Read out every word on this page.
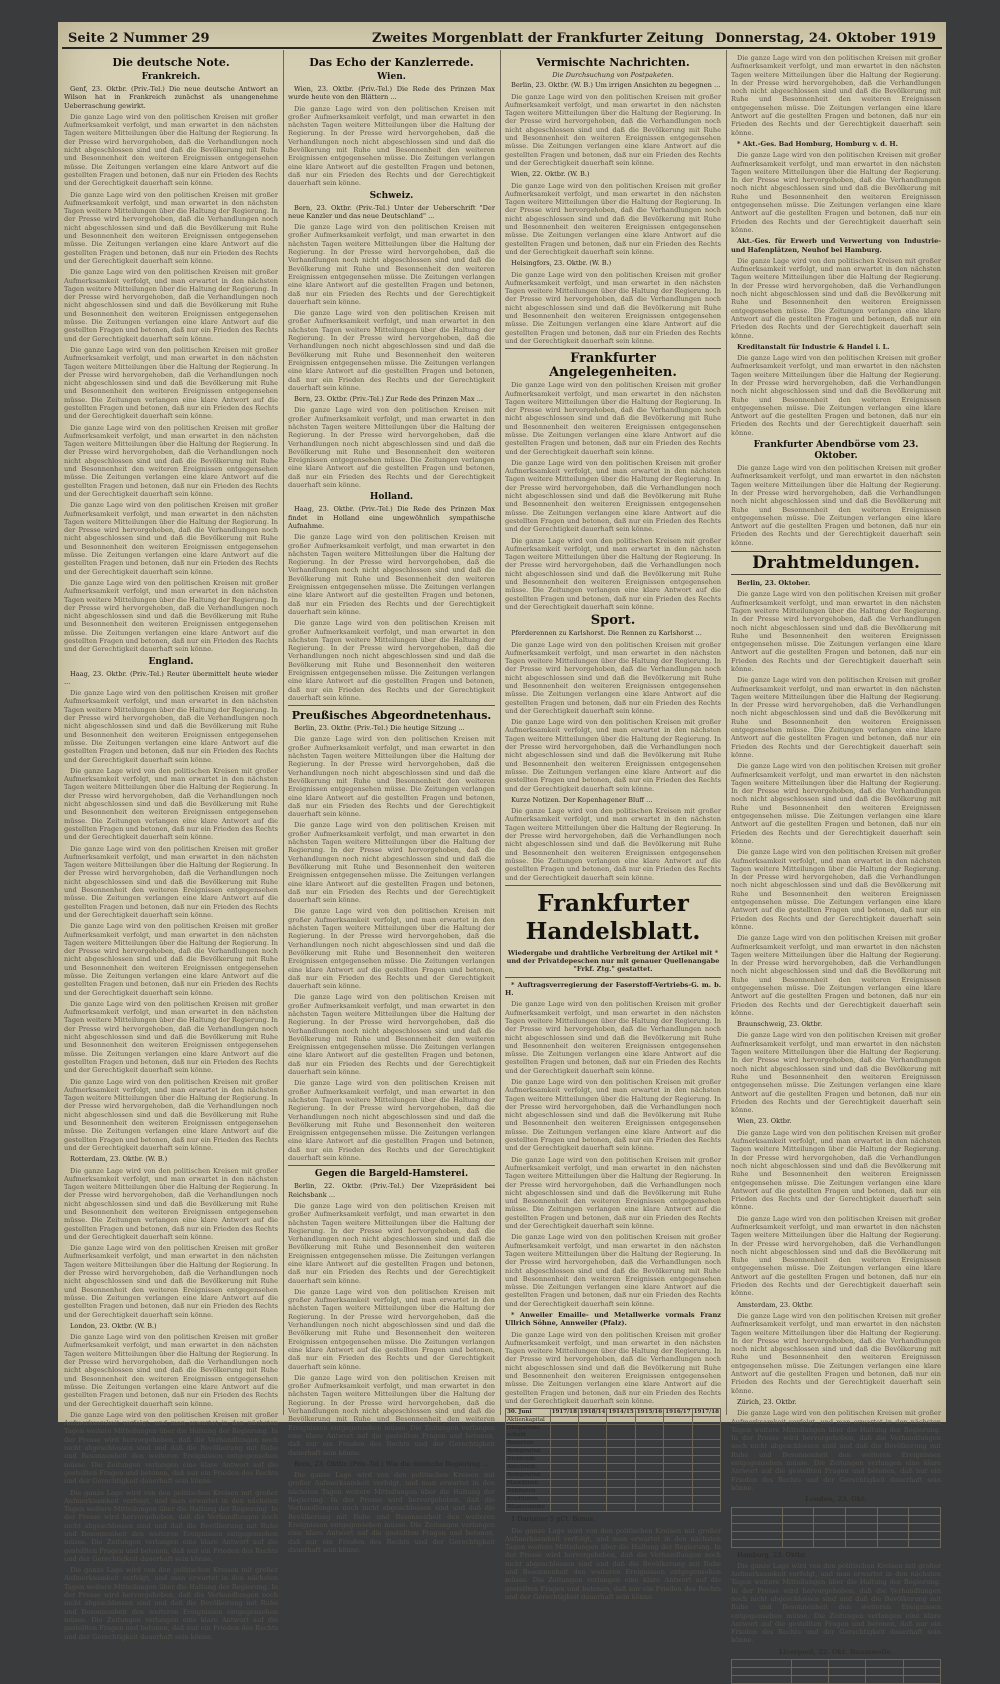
Seite 2 Nummer 29	Zweites Morgenblatt der Frankfurter Zeitung Donnerstag, 24. Oktober 1919
Die deutsche Note.
Frankreich.

Genf, 23. Oktbr. (Priv.-Tel.) Die neue deutsche Antwort an Wilson hat in Frankreich zunächst als unangenehme Ueberraschung gewirkt.

Die ganze Lage wird von den politischen Kreisen mit großer Aufmerksamkeit verfolgt, und man erwartet in den nächsten Tagen weitere Mitteilungen über die Haltung der Regierung. In der Presse wird hervorgehoben, daß die Verhandlungen noch nicht abgeschlossen sind und daß die Bevölkerung mit Ruhe und Besonnenheit den weiteren Ereignissen entgegensehen müsse. Die Zeitungen verlangen eine klare Antwort auf die gestellten Fragen und betonen, daß nur ein Frieden des Rechts und der Gerechtigkeit dauerhaft sein könne.

Die ganze Lage wird von den politischen Kreisen mit großer Aufmerksamkeit verfolgt, und man erwartet in den nächsten Tagen weitere Mitteilungen über die Haltung der Regierung. In der Presse wird hervorgehoben, daß die Verhandlungen noch nicht abgeschlossen sind und daß die Bevölkerung mit Ruhe und Besonnenheit den weiteren Ereignissen entgegensehen müsse. Die Zeitungen verlangen eine klare Antwort auf die gestellten Fragen und betonen, daß nur ein Frieden des Rechts und der Gerechtigkeit dauerhaft sein könne.

Die ganze Lage wird von den politischen Kreisen mit großer Aufmerksamkeit verfolgt, und man erwartet in den nächsten Tagen weitere Mitteilungen über die Haltung der Regierung. In der Presse wird hervorgehoben, daß die Verhandlungen noch nicht abgeschlossen sind und daß die Bevölkerung mit Ruhe und Besonnenheit den weiteren Ereignissen entgegensehen müsse. Die Zeitungen verlangen eine klare Antwort auf die gestellten Fragen und betonen, daß nur ein Frieden des Rechts und der Gerechtigkeit dauerhaft sein könne.

Die ganze Lage wird von den politischen Kreisen mit großer Aufmerksamkeit verfolgt, und man erwartet in den nächsten Tagen weitere Mitteilungen über die Haltung der Regierung. In der Presse wird hervorgehoben, daß die Verhandlungen noch nicht abgeschlossen sind und daß die Bevölkerung mit Ruhe und Besonnenheit den weiteren Ereignissen entgegensehen müsse. Die Zeitungen verlangen eine klare Antwort auf die gestellten Fragen und betonen, daß nur ein Frieden des Rechts und der Gerechtigkeit dauerhaft sein könne.

Die ganze Lage wird von den politischen Kreisen mit großer Aufmerksamkeit verfolgt, und man erwartet in den nächsten Tagen weitere Mitteilungen über die Haltung der Regierung. In der Presse wird hervorgehoben, daß die Verhandlungen noch nicht abgeschlossen sind und daß die Bevölkerung mit Ruhe und Besonnenheit den weiteren Ereignissen entgegensehen müsse. Die Zeitungen verlangen eine klare Antwort auf die gestellten Fragen und betonen, daß nur ein Frieden des Rechts und der Gerechtigkeit dauerhaft sein könne.

Die ganze Lage wird von den politischen Kreisen mit großer Aufmerksamkeit verfolgt, und man erwartet in den nächsten Tagen weitere Mitteilungen über die Haltung der Regierung. In der Presse wird hervorgehoben, daß die Verhandlungen noch nicht abgeschlossen sind und daß die Bevölkerung mit Ruhe und Besonnenheit den weiteren Ereignissen entgegensehen müsse. Die Zeitungen verlangen eine klare Antwort auf die gestellten Fragen und betonen, daß nur ein Frieden des Rechts und der Gerechtigkeit dauerhaft sein könne.

Die ganze Lage wird von den politischen Kreisen mit großer Aufmerksamkeit verfolgt, und man erwartet in den nächsten Tagen weitere Mitteilungen über die Haltung der Regierung. In der Presse wird hervorgehoben, daß die Verhandlungen noch nicht abgeschlossen sind und daß die Bevölkerung mit Ruhe und Besonnenheit den weiteren Ereignissen entgegensehen müsse. Die Zeitungen verlangen eine klare Antwort auf die gestellten Fragen und betonen, daß nur ein Frieden des Rechts und der Gerechtigkeit dauerhaft sein könne.

England.

Haag, 23. Oktbr. (Priv.-Tel.) Reuter übermittelt heute wieder ...

Die ganze Lage wird von den politischen Kreisen mit großer Aufmerksamkeit verfolgt, und man erwartet in den nächsten Tagen weitere Mitteilungen über die Haltung der Regierung. In der Presse wird hervorgehoben, daß die Verhandlungen noch nicht abgeschlossen sind und daß die Bevölkerung mit Ruhe und Besonnenheit den weiteren Ereignissen entgegensehen müsse. Die Zeitungen verlangen eine klare Antwort auf die gestellten Fragen und betonen, daß nur ein Frieden des Rechts und der Gerechtigkeit dauerhaft sein könne.

Die ganze Lage wird von den politischen Kreisen mit großer Aufmerksamkeit verfolgt, und man erwartet in den nächsten Tagen weitere Mitteilungen über die Haltung der Regierung. In der Presse wird hervorgehoben, daß die Verhandlungen noch nicht abgeschlossen sind und daß die Bevölkerung mit Ruhe und Besonnenheit den weiteren Ereignissen entgegensehen müsse. Die Zeitungen verlangen eine klare Antwort auf die gestellten Fragen und betonen, daß nur ein Frieden des Rechts und der Gerechtigkeit dauerhaft sein könne.

Die ganze Lage wird von den politischen Kreisen mit großer Aufmerksamkeit verfolgt, und man erwartet in den nächsten Tagen weitere Mitteilungen über die Haltung der Regierung. In der Presse wird hervorgehoben, daß die Verhandlungen noch nicht abgeschlossen sind und daß die Bevölkerung mit Ruhe und Besonnenheit den weiteren Ereignissen entgegensehen müsse. Die Zeitungen verlangen eine klare Antwort auf die gestellten Fragen und betonen, daß nur ein Frieden des Rechts und der Gerechtigkeit dauerhaft sein könne.

Die ganze Lage wird von den politischen Kreisen mit großer Aufmerksamkeit verfolgt, und man erwartet in den nächsten Tagen weitere Mitteilungen über die Haltung der Regierung. In der Presse wird hervorgehoben, daß die Verhandlungen noch nicht abgeschlossen sind und daß die Bevölkerung mit Ruhe und Besonnenheit den weiteren Ereignissen entgegensehen müsse. Die Zeitungen verlangen eine klare Antwort auf die gestellten Fragen und betonen, daß nur ein Frieden des Rechts und der Gerechtigkeit dauerhaft sein könne.

Die ganze Lage wird von den politischen Kreisen mit großer Aufmerksamkeit verfolgt, und man erwartet in den nächsten Tagen weitere Mitteilungen über die Haltung der Regierung. In der Presse wird hervorgehoben, daß die Verhandlungen noch nicht abgeschlossen sind und daß die Bevölkerung mit Ruhe und Besonnenheit den weiteren Ereignissen entgegensehen müsse. Die Zeitungen verlangen eine klare Antwort auf die gestellten Fragen und betonen, daß nur ein Frieden des Rechts und der Gerechtigkeit dauerhaft sein könne.

Die ganze Lage wird von den politischen Kreisen mit großer Aufmerksamkeit verfolgt, und man erwartet in den nächsten Tagen weitere Mitteilungen über die Haltung der Regierung. In der Presse wird hervorgehoben, daß die Verhandlungen noch nicht abgeschlossen sind und daß die Bevölkerung mit Ruhe und Besonnenheit den weiteren Ereignissen entgegensehen müsse. Die Zeitungen verlangen eine klare Antwort auf die gestellten Fragen und betonen, daß nur ein Frieden des Rechts und der Gerechtigkeit dauerhaft sein könne.

Rotterdam, 23. Oktbr. (W. B.)

Die ganze Lage wird von den politischen Kreisen mit großer Aufmerksamkeit verfolgt, und man erwartet in den nächsten Tagen weitere Mitteilungen über die Haltung der Regierung. In der Presse wird hervorgehoben, daß die Verhandlungen noch nicht abgeschlossen sind und daß die Bevölkerung mit Ruhe und Besonnenheit den weiteren Ereignissen entgegensehen müsse. Die Zeitungen verlangen eine klare Antwort auf die gestellten Fragen und betonen, daß nur ein Frieden des Rechts und der Gerechtigkeit dauerhaft sein könne.

Die ganze Lage wird von den politischen Kreisen mit großer Aufmerksamkeit verfolgt, und man erwartet in den nächsten Tagen weitere Mitteilungen über die Haltung der Regierung. In der Presse wird hervorgehoben, daß die Verhandlungen noch nicht abgeschlossen sind und daß die Bevölkerung mit Ruhe und Besonnenheit den weiteren Ereignissen entgegensehen müsse. Die Zeitungen verlangen eine klare Antwort auf die gestellten Fragen und betonen, daß nur ein Frieden des Rechts und der Gerechtigkeit dauerhaft sein könne.

London, 23. Oktbr. (W. B.)

Die ganze Lage wird von den politischen Kreisen mit großer Aufmerksamkeit verfolgt, und man erwartet in den nächsten Tagen weitere Mitteilungen über die Haltung der Regierung. In der Presse wird hervorgehoben, daß die Verhandlungen noch nicht abgeschlossen sind und daß die Bevölkerung mit Ruhe und Besonnenheit den weiteren Ereignissen entgegensehen müsse. Die Zeitungen verlangen eine klare Antwort auf die gestellten Fragen und betonen, daß nur ein Frieden des Rechts und der Gerechtigkeit dauerhaft sein könne.

Die ganze Lage wird von den politischen Kreisen mit großer Aufmerksamkeit verfolgt, und man erwartet in den nächsten Tagen weitere Mitteilungen über die Haltung der Regierung. In der Presse wird hervorgehoben, daß die Verhandlungen noch nicht abgeschlossen sind und daß die Bevölkerung mit Ruhe und Besonnenheit den weiteren Ereignissen entgegensehen müsse. Die Zeitungen verlangen eine klare Antwort auf die gestellten Fragen und betonen, daß nur ein Frieden des Rechts und der Gerechtigkeit dauerhaft sein könne.

Die ganze Lage wird von den politischen Kreisen mit großer Aufmerksamkeit verfolgt, und man erwartet in den nächsten Tagen weitere Mitteilungen über die Haltung der Regierung. In der Presse wird hervorgehoben, daß die Verhandlungen noch nicht abgeschlossen sind und daß die Bevölkerung mit Ruhe und Besonnenheit den weiteren Ereignissen entgegensehen müsse. Die Zeitungen verlangen eine klare Antwort auf die gestellten Fragen und betonen, daß nur ein Frieden des Rechts und der Gerechtigkeit dauerhaft sein könne.

Die ganze Lage wird von den politischen Kreisen mit großer Aufmerksamkeit verfolgt, und man erwartet in den nächsten Tagen weitere Mitteilungen über die Haltung der Regierung. In der Presse wird hervorgehoben, daß die Verhandlungen noch nicht abgeschlossen sind und daß die Bevölkerung mit Ruhe und Besonnenheit den weiteren Ereignissen entgegensehen müsse. Die Zeitungen verlangen eine klare Antwort auf die gestellten Fragen und betonen, daß nur ein Frieden des Rechts und der Gerechtigkeit dauerhaft sein könne.

Das Echo der Kanzlerrede.
Wien.

Wien, 23. Oktbr. (Priv.-Tel.) Die Rede des Prinzen Max wurde heute von den Blättern ...

Die ganze Lage wird von den politischen Kreisen mit großer Aufmerksamkeit verfolgt, und man erwartet in den nächsten Tagen weitere Mitteilungen über die Haltung der Regierung. In der Presse wird hervorgehoben, daß die Verhandlungen noch nicht abgeschlossen sind und daß die Bevölkerung mit Ruhe und Besonnenheit den weiteren Ereignissen entgegensehen müsse. Die Zeitungen verlangen eine klare Antwort auf die gestellten Fragen und betonen, daß nur ein Frieden des Rechts und der Gerechtigkeit dauerhaft sein könne.

Schweiz.

Bern, 23. Oktbr. (Priv.-Tel.) Unter der Ueberschrift "Der neue Kanzler und das neue Deutschland" ...

Die ganze Lage wird von den politischen Kreisen mit großer Aufmerksamkeit verfolgt, und man erwartet in den nächsten Tagen weitere Mitteilungen über die Haltung der Regierung. In der Presse wird hervorgehoben, daß die Verhandlungen noch nicht abgeschlossen sind und daß die Bevölkerung mit Ruhe und Besonnenheit den weiteren Ereignissen entgegensehen müsse. Die Zeitungen verlangen eine klare Antwort auf die gestellten Fragen und betonen, daß nur ein Frieden des Rechts und der Gerechtigkeit dauerhaft sein könne.

Die ganze Lage wird von den politischen Kreisen mit großer Aufmerksamkeit verfolgt, und man erwartet in den nächsten Tagen weitere Mitteilungen über die Haltung der Regierung. In der Presse wird hervorgehoben, daß die Verhandlungen noch nicht abgeschlossen sind und daß die Bevölkerung mit Ruhe und Besonnenheit den weiteren Ereignissen entgegensehen müsse. Die Zeitungen verlangen eine klare Antwort auf die gestellten Fragen und betonen, daß nur ein Frieden des Rechts und der Gerechtigkeit dauerhaft sein könne.

Bern, 23. Oktbr. (Priv.-Tel.) Zur Rede des Prinzen Max ...

Die ganze Lage wird von den politischen Kreisen mit großer Aufmerksamkeit verfolgt, und man erwartet in den nächsten Tagen weitere Mitteilungen über die Haltung der Regierung. In der Presse wird hervorgehoben, daß die Verhandlungen noch nicht abgeschlossen sind und daß die Bevölkerung mit Ruhe und Besonnenheit den weiteren Ereignissen entgegensehen müsse. Die Zeitungen verlangen eine klare Antwort auf die gestellten Fragen und betonen, daß nur ein Frieden des Rechts und der Gerechtigkeit dauerhaft sein könne.

Holland.

Haag, 23. Oktbr. (Priv.-Tel.) Die Rede des Prinzen Max findet in Holland eine ungewöhnlich sympathische Aufnahme.

Die ganze Lage wird von den politischen Kreisen mit großer Aufmerksamkeit verfolgt, und man erwartet in den nächsten Tagen weitere Mitteilungen über die Haltung der Regierung. In der Presse wird hervorgehoben, daß die Verhandlungen noch nicht abgeschlossen sind und daß die Bevölkerung mit Ruhe und Besonnenheit den weiteren Ereignissen entgegensehen müsse. Die Zeitungen verlangen eine klare Antwort auf die gestellten Fragen und betonen, daß nur ein Frieden des Rechts und der Gerechtigkeit dauerhaft sein könne.

Die ganze Lage wird von den politischen Kreisen mit großer Aufmerksamkeit verfolgt, und man erwartet in den nächsten Tagen weitere Mitteilungen über die Haltung der Regierung. In der Presse wird hervorgehoben, daß die Verhandlungen noch nicht abgeschlossen sind und daß die Bevölkerung mit Ruhe und Besonnenheit den weiteren Ereignissen entgegensehen müsse. Die Zeitungen verlangen eine klare Antwort auf die gestellten Fragen und betonen, daß nur ein Frieden des Rechts und der Gerechtigkeit dauerhaft sein könne.

Preußisches Abgeordnetenhaus.

Berlin, 23. Oktbr. (Priv.-Tel.) Die heutige Sitzung ...

Die ganze Lage wird von den politischen Kreisen mit großer Aufmerksamkeit verfolgt, und man erwartet in den nächsten Tagen weitere Mitteilungen über die Haltung der Regierung. In der Presse wird hervorgehoben, daß die Verhandlungen noch nicht abgeschlossen sind und daß die Bevölkerung mit Ruhe und Besonnenheit den weiteren Ereignissen entgegensehen müsse. Die Zeitungen verlangen eine klare Antwort auf die gestellten Fragen und betonen, daß nur ein Frieden des Rechts und der Gerechtigkeit dauerhaft sein könne.

Die ganze Lage wird von den politischen Kreisen mit großer Aufmerksamkeit verfolgt, und man erwartet in den nächsten Tagen weitere Mitteilungen über die Haltung der Regierung. In der Presse wird hervorgehoben, daß die Verhandlungen noch nicht abgeschlossen sind und daß die Bevölkerung mit Ruhe und Besonnenheit den weiteren Ereignissen entgegensehen müsse. Die Zeitungen verlangen eine klare Antwort auf die gestellten Fragen und betonen, daß nur ein Frieden des Rechts und der Gerechtigkeit dauerhaft sein könne.

Die ganze Lage wird von den politischen Kreisen mit großer Aufmerksamkeit verfolgt, und man erwartet in den nächsten Tagen weitere Mitteilungen über die Haltung der Regierung. In der Presse wird hervorgehoben, daß die Verhandlungen noch nicht abgeschlossen sind und daß die Bevölkerung mit Ruhe und Besonnenheit den weiteren Ereignissen entgegensehen müsse. Die Zeitungen verlangen eine klare Antwort auf die gestellten Fragen und betonen, daß nur ein Frieden des Rechts und der Gerechtigkeit dauerhaft sein könne.

Die ganze Lage wird von den politischen Kreisen mit großer Aufmerksamkeit verfolgt, und man erwartet in den nächsten Tagen weitere Mitteilungen über die Haltung der Regierung. In der Presse wird hervorgehoben, daß die Verhandlungen noch nicht abgeschlossen sind und daß die Bevölkerung mit Ruhe und Besonnenheit den weiteren Ereignissen entgegensehen müsse. Die Zeitungen verlangen eine klare Antwort auf die gestellten Fragen und betonen, daß nur ein Frieden des Rechts und der Gerechtigkeit dauerhaft sein könne.

Die ganze Lage wird von den politischen Kreisen mit großer Aufmerksamkeit verfolgt, und man erwartet in den nächsten Tagen weitere Mitteilungen über die Haltung der Regierung. In der Presse wird hervorgehoben, daß die Verhandlungen noch nicht abgeschlossen sind und daß die Bevölkerung mit Ruhe und Besonnenheit den weiteren Ereignissen entgegensehen müsse. Die Zeitungen verlangen eine klare Antwort auf die gestellten Fragen und betonen, daß nur ein Frieden des Rechts und der Gerechtigkeit dauerhaft sein könne.

Gegen die Bargeld-Hamsterei.

Berlin, 22. Oktbr. (Priv.-Tel.) Der Vizepräsident bei Reichsbank ...

Die ganze Lage wird von den politischen Kreisen mit großer Aufmerksamkeit verfolgt, und man erwartet in den nächsten Tagen weitere Mitteilungen über die Haltung der Regierung. In der Presse wird hervorgehoben, daß die Verhandlungen noch nicht abgeschlossen sind und daß die Bevölkerung mit Ruhe und Besonnenheit den weiteren Ereignissen entgegensehen müsse. Die Zeitungen verlangen eine klare Antwort auf die gestellten Fragen und betonen, daß nur ein Frieden des Rechts und der Gerechtigkeit dauerhaft sein könne.

Die ganze Lage wird von den politischen Kreisen mit großer Aufmerksamkeit verfolgt, und man erwartet in den nächsten Tagen weitere Mitteilungen über die Haltung der Regierung. In der Presse wird hervorgehoben, daß die Verhandlungen noch nicht abgeschlossen sind und daß die Bevölkerung mit Ruhe und Besonnenheit den weiteren Ereignissen entgegensehen müsse. Die Zeitungen verlangen eine klare Antwort auf die gestellten Fragen und betonen, daß nur ein Frieden des Rechts und der Gerechtigkeit dauerhaft sein könne.

Die ganze Lage wird von den politischen Kreisen mit großer Aufmerksamkeit verfolgt, und man erwartet in den nächsten Tagen weitere Mitteilungen über die Haltung der Regierung. In der Presse wird hervorgehoben, daß die Verhandlungen noch nicht abgeschlossen sind und daß die Bevölkerung mit Ruhe und Besonnenheit den weiteren Ereignissen entgegensehen müsse. Die Zeitungen verlangen eine klare Antwort auf die gestellten Fragen und betonen, daß nur ein Frieden des Rechts und der Gerechtigkeit dauerhaft sein könne.

Bern, 23. Oktbr. (Priv.-Tel.) Wie die deutsche Regierung ...

Die ganze Lage wird von den politischen Kreisen mit großer Aufmerksamkeit verfolgt, und man erwartet in den nächsten Tagen weitere Mitteilungen über die Haltung der Regierung. In der Presse wird hervorgehoben, daß die Verhandlungen noch nicht abgeschlossen sind und daß die Bevölkerung mit Ruhe und Besonnenheit den weiteren Ereignissen entgegensehen müsse. Die Zeitungen verlangen eine klare Antwort auf die gestellten Fragen und betonen, daß nur ein Frieden des Rechts und der Gerechtigkeit dauerhaft sein könne.

Vermischte Nachrichten.
Die Durchsuchung von Postpaketen.

Berlin, 23. Oktbr. (W. B.) Um irrigen Ansichten zu begegnen ...

Die ganze Lage wird von den politischen Kreisen mit großer Aufmerksamkeit verfolgt, und man erwartet in den nächsten Tagen weitere Mitteilungen über die Haltung der Regierung. In der Presse wird hervorgehoben, daß die Verhandlungen noch nicht abgeschlossen sind und daß die Bevölkerung mit Ruhe und Besonnenheit den weiteren Ereignissen entgegensehen müsse. Die Zeitungen verlangen eine klare Antwort auf die gestellten Fragen und betonen, daß nur ein Frieden des Rechts und der Gerechtigkeit dauerhaft sein könne.

Wien, 22. Oktbr. (W. B.)

Die ganze Lage wird von den politischen Kreisen mit großer Aufmerksamkeit verfolgt, und man erwartet in den nächsten Tagen weitere Mitteilungen über die Haltung der Regierung. In der Presse wird hervorgehoben, daß die Verhandlungen noch nicht abgeschlossen sind und daß die Bevölkerung mit Ruhe und Besonnenheit den weiteren Ereignissen entgegensehen müsse. Die Zeitungen verlangen eine klare Antwort auf die gestellten Fragen und betonen, daß nur ein Frieden des Rechts und der Gerechtigkeit dauerhaft sein könne.

Helsingfors, 23. Oktbr. (W. B.)

Die ganze Lage wird von den politischen Kreisen mit großer Aufmerksamkeit verfolgt, und man erwartet in den nächsten Tagen weitere Mitteilungen über die Haltung der Regierung. In der Presse wird hervorgehoben, daß die Verhandlungen noch nicht abgeschlossen sind und daß die Bevölkerung mit Ruhe und Besonnenheit den weiteren Ereignissen entgegensehen müsse. Die Zeitungen verlangen eine klare Antwort auf die gestellten Fragen und betonen, daß nur ein Frieden des Rechts und der Gerechtigkeit dauerhaft sein könne.

Frankfurter Angelegenheiten.

Die ganze Lage wird von den politischen Kreisen mit großer Aufmerksamkeit verfolgt, und man erwartet in den nächsten Tagen weitere Mitteilungen über die Haltung der Regierung. In der Presse wird hervorgehoben, daß die Verhandlungen noch nicht abgeschlossen sind und daß die Bevölkerung mit Ruhe und Besonnenheit den weiteren Ereignissen entgegensehen müsse. Die Zeitungen verlangen eine klare Antwort auf die gestellten Fragen und betonen, daß nur ein Frieden des Rechts und der Gerechtigkeit dauerhaft sein könne.

Die ganze Lage wird von den politischen Kreisen mit großer Aufmerksamkeit verfolgt, und man erwartet in den nächsten Tagen weitere Mitteilungen über die Haltung der Regierung. In der Presse wird hervorgehoben, daß die Verhandlungen noch nicht abgeschlossen sind und daß die Bevölkerung mit Ruhe und Besonnenheit den weiteren Ereignissen entgegensehen müsse. Die Zeitungen verlangen eine klare Antwort auf die gestellten Fragen und betonen, daß nur ein Frieden des Rechts und der Gerechtigkeit dauerhaft sein könne.

Die ganze Lage wird von den politischen Kreisen mit großer Aufmerksamkeit verfolgt, und man erwartet in den nächsten Tagen weitere Mitteilungen über die Haltung der Regierung. In der Presse wird hervorgehoben, daß die Verhandlungen noch nicht abgeschlossen sind und daß die Bevölkerung mit Ruhe und Besonnenheit den weiteren Ereignissen entgegensehen müsse. Die Zeitungen verlangen eine klare Antwort auf die gestellten Fragen und betonen, daß nur ein Frieden des Rechts und der Gerechtigkeit dauerhaft sein könne.

Sport.

Pferderennen zu Karlshorst. Die Rennen zu Karlshorst ...

Die ganze Lage wird von den politischen Kreisen mit großer Aufmerksamkeit verfolgt, und man erwartet in den nächsten Tagen weitere Mitteilungen über die Haltung der Regierung. In der Presse wird hervorgehoben, daß die Verhandlungen noch nicht abgeschlossen sind und daß die Bevölkerung mit Ruhe und Besonnenheit den weiteren Ereignissen entgegensehen müsse. Die Zeitungen verlangen eine klare Antwort auf die gestellten Fragen und betonen, daß nur ein Frieden des Rechts und der Gerechtigkeit dauerhaft sein könne.

Die ganze Lage wird von den politischen Kreisen mit großer Aufmerksamkeit verfolgt, und man erwartet in den nächsten Tagen weitere Mitteilungen über die Haltung der Regierung. In der Presse wird hervorgehoben, daß die Verhandlungen noch nicht abgeschlossen sind und daß die Bevölkerung mit Ruhe und Besonnenheit den weiteren Ereignissen entgegensehen müsse. Die Zeitungen verlangen eine klare Antwort auf die gestellten Fragen und betonen, daß nur ein Frieden des Rechts und der Gerechtigkeit dauerhaft sein könne.

Kurze Notizen. Der Kopenhagener Bluff ...

Die ganze Lage wird von den politischen Kreisen mit großer Aufmerksamkeit verfolgt, und man erwartet in den nächsten Tagen weitere Mitteilungen über die Haltung der Regierung. In der Presse wird hervorgehoben, daß die Verhandlungen noch nicht abgeschlossen sind und daß die Bevölkerung mit Ruhe und Besonnenheit den weiteren Ereignissen entgegensehen müsse. Die Zeitungen verlangen eine klare Antwort auf die gestellten Fragen und betonen, daß nur ein Frieden des Rechts und der Gerechtigkeit dauerhaft sein könne.

Frankfurter Handelsblatt.
Wiedergabe und drahtliche Verbreitung der Artikel mit * und der Privatdepeschen nur mit genauer Quellenangabe "Frkf. Ztg." gestattet.

* Auftragsverregierung der Faserstoff-Vertriebs-G. m. b. H.

Die ganze Lage wird von den politischen Kreisen mit großer Aufmerksamkeit verfolgt, und man erwartet in den nächsten Tagen weitere Mitteilungen über die Haltung der Regierung. In der Presse wird hervorgehoben, daß die Verhandlungen noch nicht abgeschlossen sind und daß die Bevölkerung mit Ruhe und Besonnenheit den weiteren Ereignissen entgegensehen müsse. Die Zeitungen verlangen eine klare Antwort auf die gestellten Fragen und betonen, daß nur ein Frieden des Rechts und der Gerechtigkeit dauerhaft sein könne.

Die ganze Lage wird von den politischen Kreisen mit großer Aufmerksamkeit verfolgt, und man erwartet in den nächsten Tagen weitere Mitteilungen über die Haltung der Regierung. In der Presse wird hervorgehoben, daß die Verhandlungen noch nicht abgeschlossen sind und daß die Bevölkerung mit Ruhe und Besonnenheit den weiteren Ereignissen entgegensehen müsse. Die Zeitungen verlangen eine klare Antwort auf die gestellten Fragen und betonen, daß nur ein Frieden des Rechts und der Gerechtigkeit dauerhaft sein könne.

Die ganze Lage wird von den politischen Kreisen mit großer Aufmerksamkeit verfolgt, und man erwartet in den nächsten Tagen weitere Mitteilungen über die Haltung der Regierung. In der Presse wird hervorgehoben, daß die Verhandlungen noch nicht abgeschlossen sind und daß die Bevölkerung mit Ruhe und Besonnenheit den weiteren Ereignissen entgegensehen müsse. Die Zeitungen verlangen eine klare Antwort auf die gestellten Fragen und betonen, daß nur ein Frieden des Rechts und der Gerechtigkeit dauerhaft sein könne.

Die ganze Lage wird von den politischen Kreisen mit großer Aufmerksamkeit verfolgt, und man erwartet in den nächsten Tagen weitere Mitteilungen über die Haltung der Regierung. In der Presse wird hervorgehoben, daß die Verhandlungen noch nicht abgeschlossen sind und daß die Bevölkerung mit Ruhe und Besonnenheit den weiteren Ereignissen entgegensehen müsse. Die Zeitungen verlangen eine klare Antwort auf die gestellten Fragen und betonen, daß nur ein Frieden des Rechts und der Gerechtigkeit dauerhaft sein könne.

* Anweiler Emaille- und Metallwerke vormals Franz Ullrich Söhne, Annweiler (Pfalz).

Die ganze Lage wird von den politischen Kreisen mit großer Aufmerksamkeit verfolgt, und man erwartet in den nächsten Tagen weitere Mitteilungen über die Haltung der Regierung. In der Presse wird hervorgehoben, daß die Verhandlungen noch nicht abgeschlossen sind und daß die Bevölkerung mit Ruhe und Besonnenheit den weiteren Ereignissen entgegensehen müsse. Die Zeitungen verlangen eine klare Antwort auf die gestellten Fragen und betonen, daß nur ein Frieden des Rechts und der Gerechtigkeit dauerhaft sein könne.

30. Juni	1917/18	1918/14	1914/15	1915/16	1916/17	1917/18
Aktienkapital						
Obligations-schuld						
Reserven						
Reingewinn						
Dividende						
Abschreib.						
Reingewinn						
Maschinen						
Debitoren						
Kreditoren						
Bilanzsumme						

1 Darunter 5 pCt. Bonus.

Die ganze Lage wird von den politischen Kreisen mit großer Aufmerksamkeit verfolgt, und man erwartet in den nächsten Tagen weitere Mitteilungen über die Haltung der Regierung. In der Presse wird hervorgehoben, daß die Verhandlungen noch nicht abgeschlossen sind und daß die Bevölkerung mit Ruhe und Besonnenheit den weiteren Ereignissen entgegensehen müsse. Die Zeitungen verlangen eine klare Antwort auf die gestellten Fragen und betonen, daß nur ein Frieden des Rechts und der Gerechtigkeit dauerhaft sein könne.

Die ganze Lage wird von den politischen Kreisen mit großer Aufmerksamkeit verfolgt, und man erwartet in den nächsten Tagen weitere Mitteilungen über die Haltung der Regierung. In der Presse wird hervorgehoben, daß die Verhandlungen noch nicht abgeschlossen sind und daß die Bevölkerung mit Ruhe und Besonnenheit den weiteren Ereignissen entgegensehen müsse. Die Zeitungen verlangen eine klare Antwort auf die gestellten Fragen und betonen, daß nur ein Frieden des Rechts und der Gerechtigkeit dauerhaft sein könne.

* Akt.-Ges. Bad Homburg, Homburg v. d. H.

Die ganze Lage wird von den politischen Kreisen mit großer Aufmerksamkeit verfolgt, und man erwartet in den nächsten Tagen weitere Mitteilungen über die Haltung der Regierung. In der Presse wird hervorgehoben, daß die Verhandlungen noch nicht abgeschlossen sind und daß die Bevölkerung mit Ruhe und Besonnenheit den weiteren Ereignissen entgegensehen müsse. Die Zeitungen verlangen eine klare Antwort auf die gestellten Fragen und betonen, daß nur ein Frieden des Rechts und der Gerechtigkeit dauerhaft sein könne.

Akt.-Ges. für Erwerb und Verwertung von Industrie- und Hafenplätzen, Neuhof bei Hamburg.

Die ganze Lage wird von den politischen Kreisen mit großer Aufmerksamkeit verfolgt, und man erwartet in den nächsten Tagen weitere Mitteilungen über die Haltung der Regierung. In der Presse wird hervorgehoben, daß die Verhandlungen noch nicht abgeschlossen sind und daß die Bevölkerung mit Ruhe und Besonnenheit den weiteren Ereignissen entgegensehen müsse. Die Zeitungen verlangen eine klare Antwort auf die gestellten Fragen und betonen, daß nur ein Frieden des Rechts und der Gerechtigkeit dauerhaft sein könne.

Kreditanstalt für Industrie & Handel i. L.

Die ganze Lage wird von den politischen Kreisen mit großer Aufmerksamkeit verfolgt, und man erwartet in den nächsten Tagen weitere Mitteilungen über die Haltung der Regierung. In der Presse wird hervorgehoben, daß die Verhandlungen noch nicht abgeschlossen sind und daß die Bevölkerung mit Ruhe und Besonnenheit den weiteren Ereignissen entgegensehen müsse. Die Zeitungen verlangen eine klare Antwort auf die gestellten Fragen und betonen, daß nur ein Frieden des Rechts und der Gerechtigkeit dauerhaft sein könne.

Frankfurter Abendbörse vom 23. Oktober.

Die ganze Lage wird von den politischen Kreisen mit großer Aufmerksamkeit verfolgt, und man erwartet in den nächsten Tagen weitere Mitteilungen über die Haltung der Regierung. In der Presse wird hervorgehoben, daß die Verhandlungen noch nicht abgeschlossen sind und daß die Bevölkerung mit Ruhe und Besonnenheit den weiteren Ereignissen entgegensehen müsse. Die Zeitungen verlangen eine klare Antwort auf die gestellten Fragen und betonen, daß nur ein Frieden des Rechts und der Gerechtigkeit dauerhaft sein könne.

Drahtmeldungen.

Berlin, 23. Oktober.

Die ganze Lage wird von den politischen Kreisen mit großer Aufmerksamkeit verfolgt, und man erwartet in den nächsten Tagen weitere Mitteilungen über die Haltung der Regierung. In der Presse wird hervorgehoben, daß die Verhandlungen noch nicht abgeschlossen sind und daß die Bevölkerung mit Ruhe und Besonnenheit den weiteren Ereignissen entgegensehen müsse. Die Zeitungen verlangen eine klare Antwort auf die gestellten Fragen und betonen, daß nur ein Frieden des Rechts und der Gerechtigkeit dauerhaft sein könne.

Die ganze Lage wird von den politischen Kreisen mit großer Aufmerksamkeit verfolgt, und man erwartet in den nächsten Tagen weitere Mitteilungen über die Haltung der Regierung. In der Presse wird hervorgehoben, daß die Verhandlungen noch nicht abgeschlossen sind und daß die Bevölkerung mit Ruhe und Besonnenheit den weiteren Ereignissen entgegensehen müsse. Die Zeitungen verlangen eine klare Antwort auf die gestellten Fragen und betonen, daß nur ein Frieden des Rechts und der Gerechtigkeit dauerhaft sein könne.

Die ganze Lage wird von den politischen Kreisen mit großer Aufmerksamkeit verfolgt, und man erwartet in den nächsten Tagen weitere Mitteilungen über die Haltung der Regierung. In der Presse wird hervorgehoben, daß die Verhandlungen noch nicht abgeschlossen sind und daß die Bevölkerung mit Ruhe und Besonnenheit den weiteren Ereignissen entgegensehen müsse. Die Zeitungen verlangen eine klare Antwort auf die gestellten Fragen und betonen, daß nur ein Frieden des Rechts und der Gerechtigkeit dauerhaft sein könne.

Die ganze Lage wird von den politischen Kreisen mit großer Aufmerksamkeit verfolgt, und man erwartet in den nächsten Tagen weitere Mitteilungen über die Haltung der Regierung. In der Presse wird hervorgehoben, daß die Verhandlungen noch nicht abgeschlossen sind und daß die Bevölkerung mit Ruhe und Besonnenheit den weiteren Ereignissen entgegensehen müsse. Die Zeitungen verlangen eine klare Antwort auf die gestellten Fragen und betonen, daß nur ein Frieden des Rechts und der Gerechtigkeit dauerhaft sein könne.

Die ganze Lage wird von den politischen Kreisen mit großer Aufmerksamkeit verfolgt, und man erwartet in den nächsten Tagen weitere Mitteilungen über die Haltung der Regierung. In der Presse wird hervorgehoben, daß die Verhandlungen noch nicht abgeschlossen sind und daß die Bevölkerung mit Ruhe und Besonnenheit den weiteren Ereignissen entgegensehen müsse. Die Zeitungen verlangen eine klare Antwort auf die gestellten Fragen und betonen, daß nur ein Frieden des Rechts und der Gerechtigkeit dauerhaft sein könne.

Braunschweig, 23. Oktbr.

Die ganze Lage wird von den politischen Kreisen mit großer Aufmerksamkeit verfolgt, und man erwartet in den nächsten Tagen weitere Mitteilungen über die Haltung der Regierung. In der Presse wird hervorgehoben, daß die Verhandlungen noch nicht abgeschlossen sind und daß die Bevölkerung mit Ruhe und Besonnenheit den weiteren Ereignissen entgegensehen müsse. Die Zeitungen verlangen eine klare Antwort auf die gestellten Fragen und betonen, daß nur ein Frieden des Rechts und der Gerechtigkeit dauerhaft sein könne.

Wien, 23. Oktbr.

Die ganze Lage wird von den politischen Kreisen mit großer Aufmerksamkeit verfolgt, und man erwartet in den nächsten Tagen weitere Mitteilungen über die Haltung der Regierung. In der Presse wird hervorgehoben, daß die Verhandlungen noch nicht abgeschlossen sind und daß die Bevölkerung mit Ruhe und Besonnenheit den weiteren Ereignissen entgegensehen müsse. Die Zeitungen verlangen eine klare Antwort auf die gestellten Fragen und betonen, daß nur ein Frieden des Rechts und der Gerechtigkeit dauerhaft sein könne.

Die ganze Lage wird von den politischen Kreisen mit großer Aufmerksamkeit verfolgt, und man erwartet in den nächsten Tagen weitere Mitteilungen über die Haltung der Regierung. In der Presse wird hervorgehoben, daß die Verhandlungen noch nicht abgeschlossen sind und daß die Bevölkerung mit Ruhe und Besonnenheit den weiteren Ereignissen entgegensehen müsse. Die Zeitungen verlangen eine klare Antwort auf die gestellten Fragen und betonen, daß nur ein Frieden des Rechts und der Gerechtigkeit dauerhaft sein könne.

Amsterdam, 23. Oktbr.

Die ganze Lage wird von den politischen Kreisen mit großer Aufmerksamkeit verfolgt, und man erwartet in den nächsten Tagen weitere Mitteilungen über die Haltung der Regierung. In der Presse wird hervorgehoben, daß die Verhandlungen noch nicht abgeschlossen sind und daß die Bevölkerung mit Ruhe und Besonnenheit den weiteren Ereignissen entgegensehen müsse. Die Zeitungen verlangen eine klare Antwort auf die gestellten Fragen und betonen, daß nur ein Frieden des Rechts und der Gerechtigkeit dauerhaft sein könne.

Zürich, 23. Oktbr.

Die ganze Lage wird von den politischen Kreisen mit großer Aufmerksamkeit verfolgt, und man erwartet in den nächsten Tagen weitere Mitteilungen über die Haltung der Regierung. In der Presse wird hervorgehoben, daß die Verhandlungen noch nicht abgeschlossen sind und daß die Bevölkerung mit Ruhe und Besonnenheit den weiteren Ereignissen entgegensehen müsse. Die Zeitungen verlangen eine klare Antwort auf die gestellten Fragen und betonen, daß nur ein Frieden des Rechts und der Gerechtigkeit dauerhaft sein könne.

London, 23. Okt.

Hamburg, 23. Oktbr.

Die ganze Lage wird von den politischen Kreisen mit großer Aufmerksamkeit verfolgt, und man erwartet in den nächsten Tagen weitere Mitteilungen über die Haltung der Regierung. In der Presse wird hervorgehoben, daß die Verhandlungen noch nicht abgeschlossen sind und daß die Bevölkerung mit Ruhe und Besonnenheit den weiteren Ereignissen entgegensehen müsse. Die Zeitungen verlangen eine klare Antwort auf die gestellten Fragen und betonen, daß nur ein Frieden des Rechts und der Gerechtigkeit dauerhaft sein könne.

Liverpool, 22. Okt. Baumwolle.
